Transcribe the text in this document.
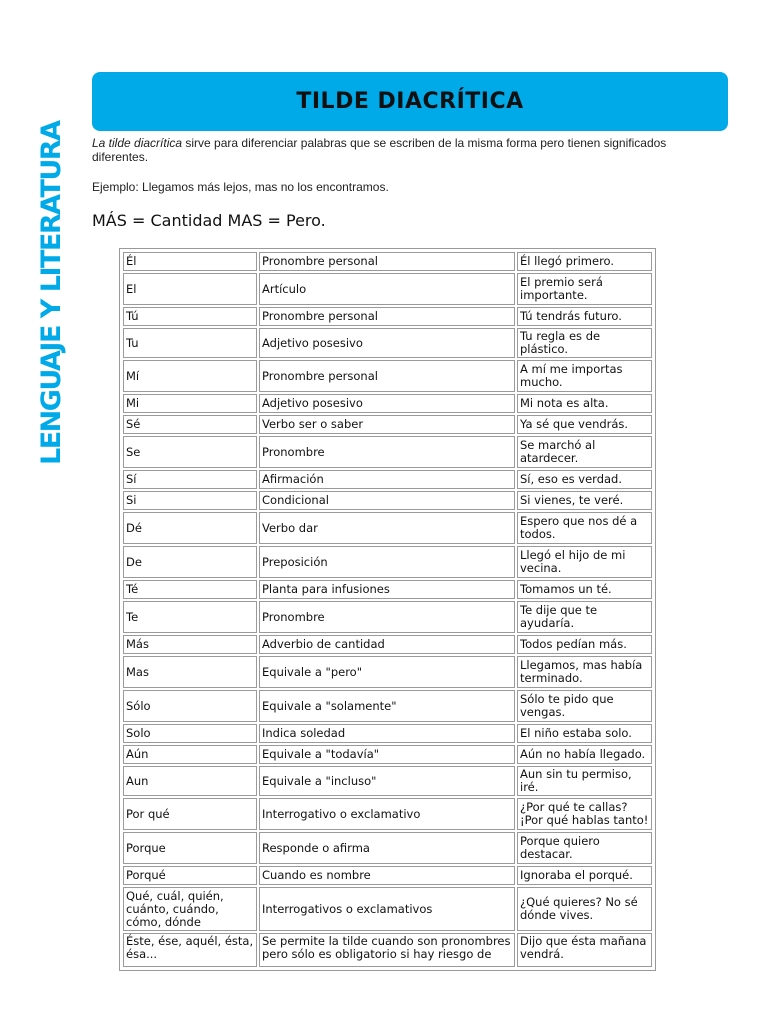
TILDE DIACRÍTICA
LENGUAJE Y LITERATURA La tilde diacrítica sirve para diferenciar palabras que se escriben de la misma forma pero tienen significados diferentes.
Ejemplo: Llegamos más lejos, mas no los encontramos.
MÁS = Cantidad MAS = Pero.
Él	Pronombre personal	Él llegó primero.
El	Artículo	El premio será importante.
Tú	Pronombre personal	Tú tendrás futuro.
Tu	Adjetivo posesivo	Tu regla es de plástico.
Mí	Pronombre personal	A mí me importas mucho.
Mi	Adjetivo posesivo	Mi nota es alta.
Sé	Verbo ser o saber	Ya sé que vendrás.
Se	Pronombre	Se marchó al atardecer.
Sí	Afirmación	Sí, eso es verdad.
Si	Condicional	Si vienes, te veré.
Dé	Verbo dar	Espero que nos dé a todos.
De	Preposición	Llegó el hijo de mi vecina.
Té	Planta para infusiones	Tomamos un té.
Te	Pronombre	Te dije que te ayudaría.
Más	Adverbio de cantidad	Todos pedían más.
Mas	Equivale a "pero"	Llegamos, mas había terminado.
Sólo	Equivale a "solamente"	Sólo te pido que vengas.
Solo	Indica soledad	El niño estaba solo.
Aún	Equivale a "todavía"	Aún no había llegado.
Aun	Equivale a "incluso"	Aun sin tu permiso, iré.
Por qué	Interrogativo o exclamativo	¿Por qué te callas? ¡Por qué hablas tanto!
Porque	Responde o afirma	Porque quiero destacar.
Porqué	Cuando es nombre	Ignoraba el porqué.
Qué, cuál, quién, cuánto, cuándo, cómo, dónde	Interrogativos o exclamativos	¿Qué quieres? No sé dónde vives.
Éste, ése, aquél, ésta, ésa...	Se permite la tilde cuando son pronombres pero sólo es obligatorio si hay riesgo de	Dijo que ésta mañana vendrá.
